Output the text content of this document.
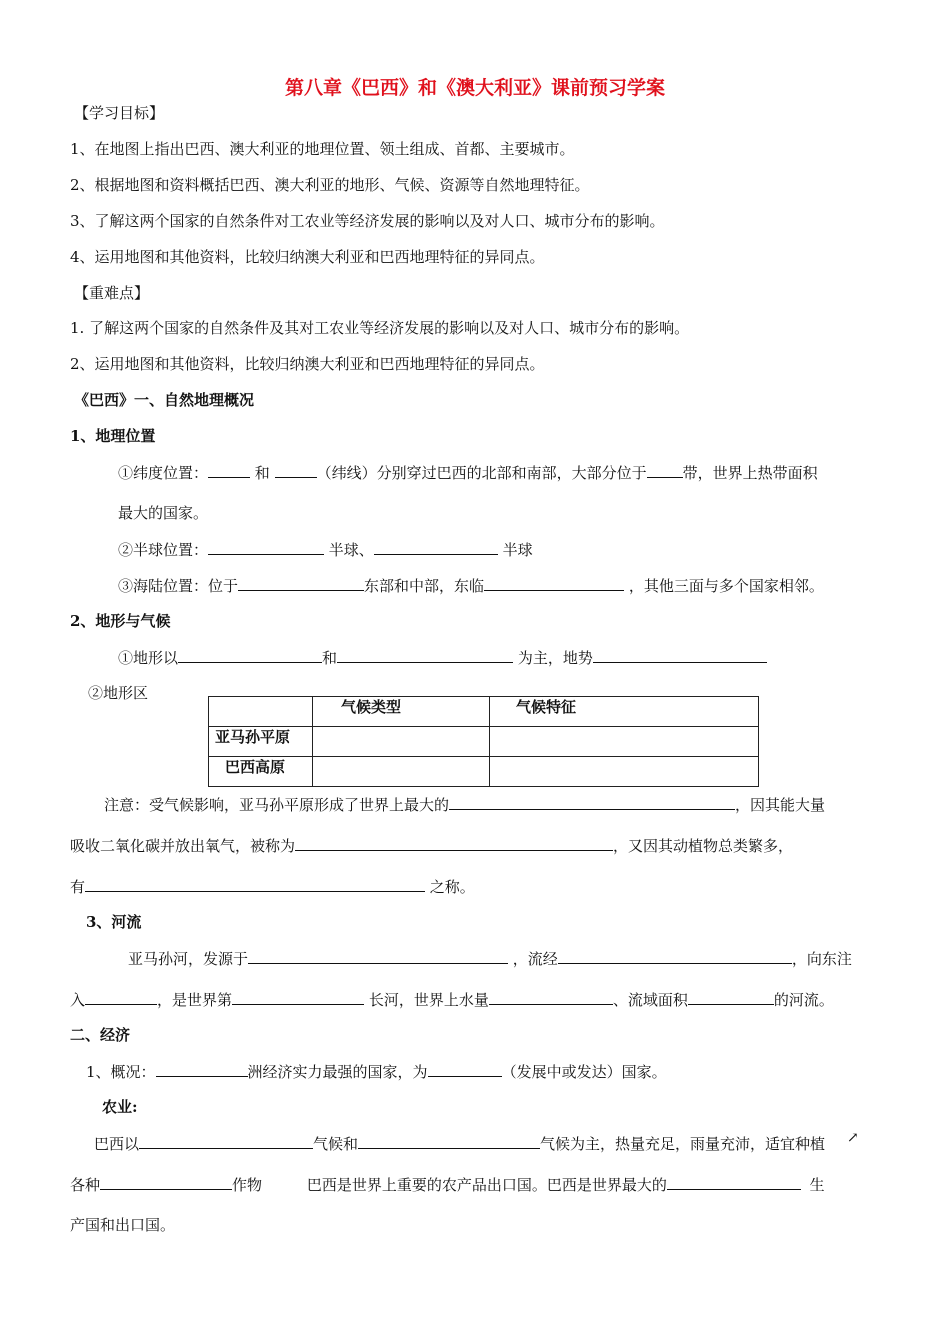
第八章《巴西》和《澳大利亚》课前预习学案
【学习目标】
1、在地图上指出巴西、澳大利亚的地理位置、领土组成、首都、主要城市。
2、根据地图和资料概括巴西、澳大利亚的地形、气候、资源等自然地理特征。
3、了解这两个国家的自然条件对工农业等经济发展的影响以及对人口、城市分布的影响。
4、运用地图和其他资料，比较归纳澳大利亚和巴西地理特征的异同点。
【重难点】
1. 了解这两个国家的自然条件及其对工农业等经济发展的影响以及对人口、城市分布的影响。
2、运用地图和其他资料，比较归纳澳大利亚和巴西地理特征的异同点。
《巴西》一、自然地理概况
1、地理位置
①纬度位置：	和	（纬线）分别穿过巴西的北部和南部，大部分位于 带，世界上热带面积
最大的国家。
②半球位置：	半球、	半球
③海陆位置：位于	东部和中部，东临	，其他三面与多个国家相邻。
2、地形与气候
①地形以	和	为主，地势
②地形区
	气候类型	气候特征
亚马孙平原		
巴西高原		
注意：受气候影响，亚马孙平原形成了世界上最大的	，因其能大量
吸收二氧化碳并放出氧气，被称为	，又因其动植物总类繁多，
有	之称。
3、河流
亚马孙河，发源于	，流经	，向东注
入	，是世界第	长河，世界上水量	、流域面积	的河流。
二、经济
1、概况：	洲经济实力最强的国家，为	（发展中或发达）国家。
农业:
巴西以	气候和	气候为主，热量充足，雨量充沛，适宜种植 ↗
各种	作物	巴西是世界上重要的农产品出口国。巴西是世界最大的	生
产国和出口国。
